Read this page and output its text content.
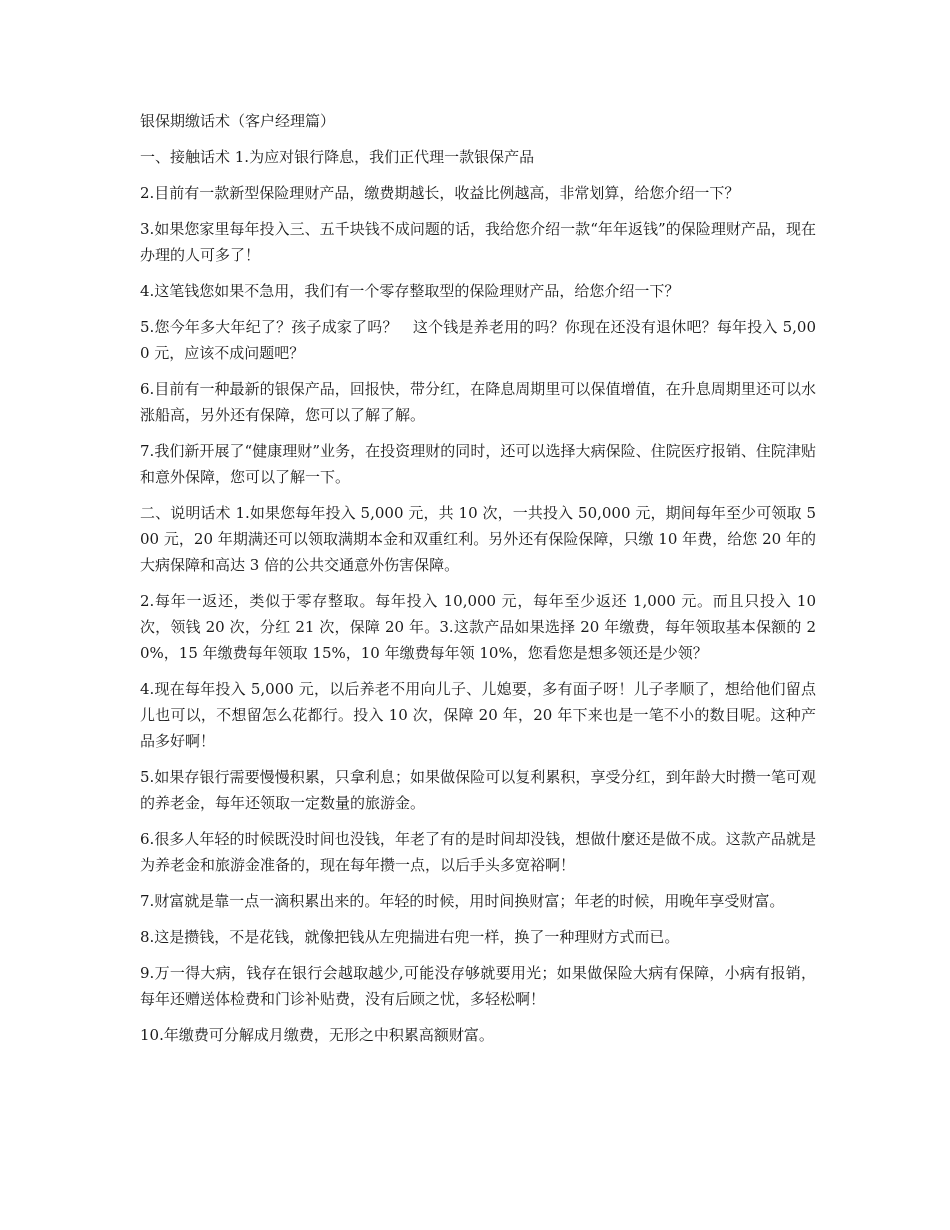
银保期缴话术（客户经理篇）

一、接触话术 1.为应对银行降息，我们正代理一款银保产品

2.目前有一款新型保险理财产品，缴费期越长，收益比例越高，非常划算，给您介绍一下？

3.如果您家里每年投入三、五千块钱不成问题的话，我给您介绍一款“年年返钱”的保险理财产品，现在办理的人可多了！

4.这笔钱您如果不急用，我们有一个零存整取型的保险理财产品，给您介绍一下？

5.您今年多大年纪了？孩子成家了吗？　这个钱是养老用的吗？你现在还没有退休吧？每年投入 5,000 元，应该不成问题吧？

6.目前有一种最新的银保产品，回报快，带分红，在降息周期里可以保值增值，在升息周期里还可以水涨船高，另外还有保障，您可以了解了解。

7.我们新开展了“健康理财”业务，在投资理财的同时，还可以选择大病保险、住院医疗报销、住院津贴和意外保障，您可以了解一下。

二、说明话术 1.如果您每年投入 5,000 元，共 10 次，一共投入 50,000 元，期间每年至少可领取 500 元，20 年期满还可以领取满期本金和双重红利。另外还有保险保障，只缴 10 年费，给您 20 年的大病保障和高达 3 倍的公共交通意外伤害保障。

2.每年一返还，类似于零存整取。每年投入 10,000 元，每年至少返还 1,000 元。而且只投入 10 次，领钱 20 次，分红 21 次，保障 20 年。3.这款产品如果选择 20 年缴费，每年领取基本保额的 20%，15 年缴费每年领取 15%，10 年缴费每年领 10%，您看您是想多领还是少领？

4.现在每年投入 5,000 元，以后养老不用向儿子、儿媳要，多有面子呀！儿子孝顺了，想给他们留点儿也可以，不想留怎么花都行。投入 10 次，保障 20 年，20 年下来也是一笔不小的数目呢。这种产品多好啊！

5.如果存银行需要慢慢积累，只拿利息；如果做保险可以复利累积，享受分红，到年龄大时攒一笔可观的养老金，每年还领取一定数量的旅游金。

6.很多人年轻的时候既没时间也没钱，年老了有的是时间却没钱，想做什麼还是做不成。这款产品就是为养老金和旅游金准备的，现在每年攒一点，以后手头多宽裕啊！

7.财富就是靠一点一滴积累出来的。年轻的时候，用时间换财富；年老的时候，用晚年享受财富。

8.这是攒钱，不是花钱，就像把钱从左兜揣进右兜一样，换了一种理财方式而已。

9.万一得大病，钱存在银行会越取越少,可能没存够就要用光；如果做保险大病有保障，小病有报销，每年还赠送体检费和门诊补贴费，没有后顾之忧，多轻松啊！

10.年缴费可分解成月缴费，无形之中积累高额财富。
